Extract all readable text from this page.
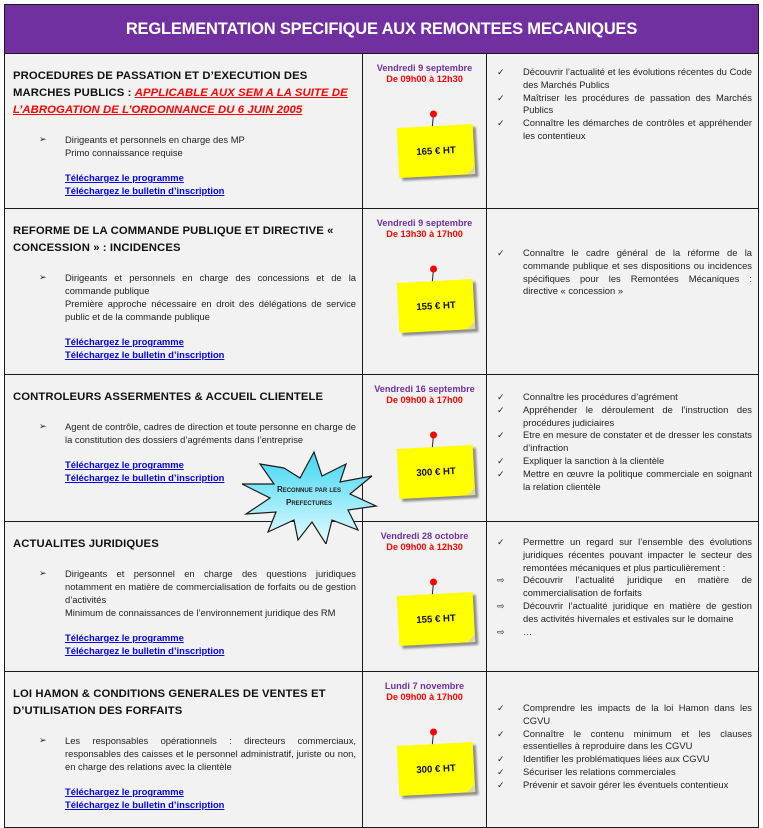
REGLEMENTATION SPECIFIQUE AUX REMONTEES MECANIQUES
PROCEDURES DE PASSATION ET D’EXECUTION DES MARCHES PUBLICS : APPLICABLE AUX SEM A LA SUITE DE L’ABROGATION DE L’ORDONNANCE DU 6 JUIN 2005
➢	Dirigeants et personnels en charge des MP
Primo connaissance requise
Téléchargez le programme
Téléchargez le bulletin d’inscription
Vendredi 9 septembre
De 09h00 à 12h30
165 € HT
✓	Découvrir l’actualité et les évolutions récentes du Code des Marchés Publics
✓	Maîtriser les procédures de passation des Marchés Publics
✓	Connaître les démarches de contrôles et appréhender les contentieux
REFORME DE LA COMMANDE PUBLIQUE ET DIRECTIVE « CONCESSION » : INCIDENCES
➢	Dirigeants et personnels en charge des concessions et de la commande publique
Première approche nécessaire en droit des délégations de service public et de la commande publique
Téléchargez le programme
Téléchargez le bulletin d’inscription
Vendredi 9 septembre
De 13h30 à 17h00
155 € HT
✓	Connaître le cadre général de la réforme de la commande publique et ses dispositions ou incidences spécifiques pour les Remontées Mécaniques : directive « concession »
CONTROLEURS ASSERMENTES & ACCUEIL CLIENTELE
➢	Agent de contrôle, cadres de direction et toute personne en charge de la constitution des dossiers d’agréments dans l’entreprise
Téléchargez le programme
Téléchargez le bulletin d’inscription
Vendredi 16 septembre
De 09h00 à 17h00
300 € HT
✓	Connaître les procédures d’agrément
✓	Appréhender le déroulement de l’instruction des procédures judiciaires
✓	Etre en mesure de constater et de dresser les constats d’infraction
✓	Expliquer la sanction à la clientèle
✓	Mettre en œuvre la politique commerciale en soignant la relation clientèle
ACTUALITES JURIDIQUES
➢	Dirigeants et personnel en charge des questions juridiques notamment en matière de commercialisation de forfaits ou de gestion d’activités
Minimum de connaissances de l’environnement juridique des RM
Téléchargez le programme
Téléchargez le bulletin d’inscription
Vendredi 28 octobre
De 09h00 à 12h30
155 € HT
✓	Permettre un regard sur l’ensemble des évolutions juridiques récentes pouvant impacter le secteur des remontées mécaniques et plus particulièrement :
⇨	Découvrir l’actualité juridique en matière de commercialisation de forfaits
⇨	Découvrir l’actualité juridique en matière de gestion des activités hivernales et estivales sur le domaine
⇨	…
LOI HAMON & CONDITIONS GENERALES DE VENTES ET D’UTILISATION DES FORFAITS
➢	Les responsables opérationnels : directeurs commerciaux, responsables des caisses et le personnel administratif, juriste ou non, en charge des relations avec la clientèle
Téléchargez le programme
Téléchargez le bulletin d’inscription
Lundi 7 novembre
De 09h00 à 17h00
300 € HT
✓	Comprendre les impacts de la loi Hamon dans les CGVU
✓	Connaître le contenu minimum et les clauses essentielles à reproduire dans les CGVU
✓	Identifier les problématiques liées aux CGVU
✓	Sécuriser les relations commerciales
✓	Prévenir et savoir gérer les éventuels contentieux
Reconnue par les
Prefectures
